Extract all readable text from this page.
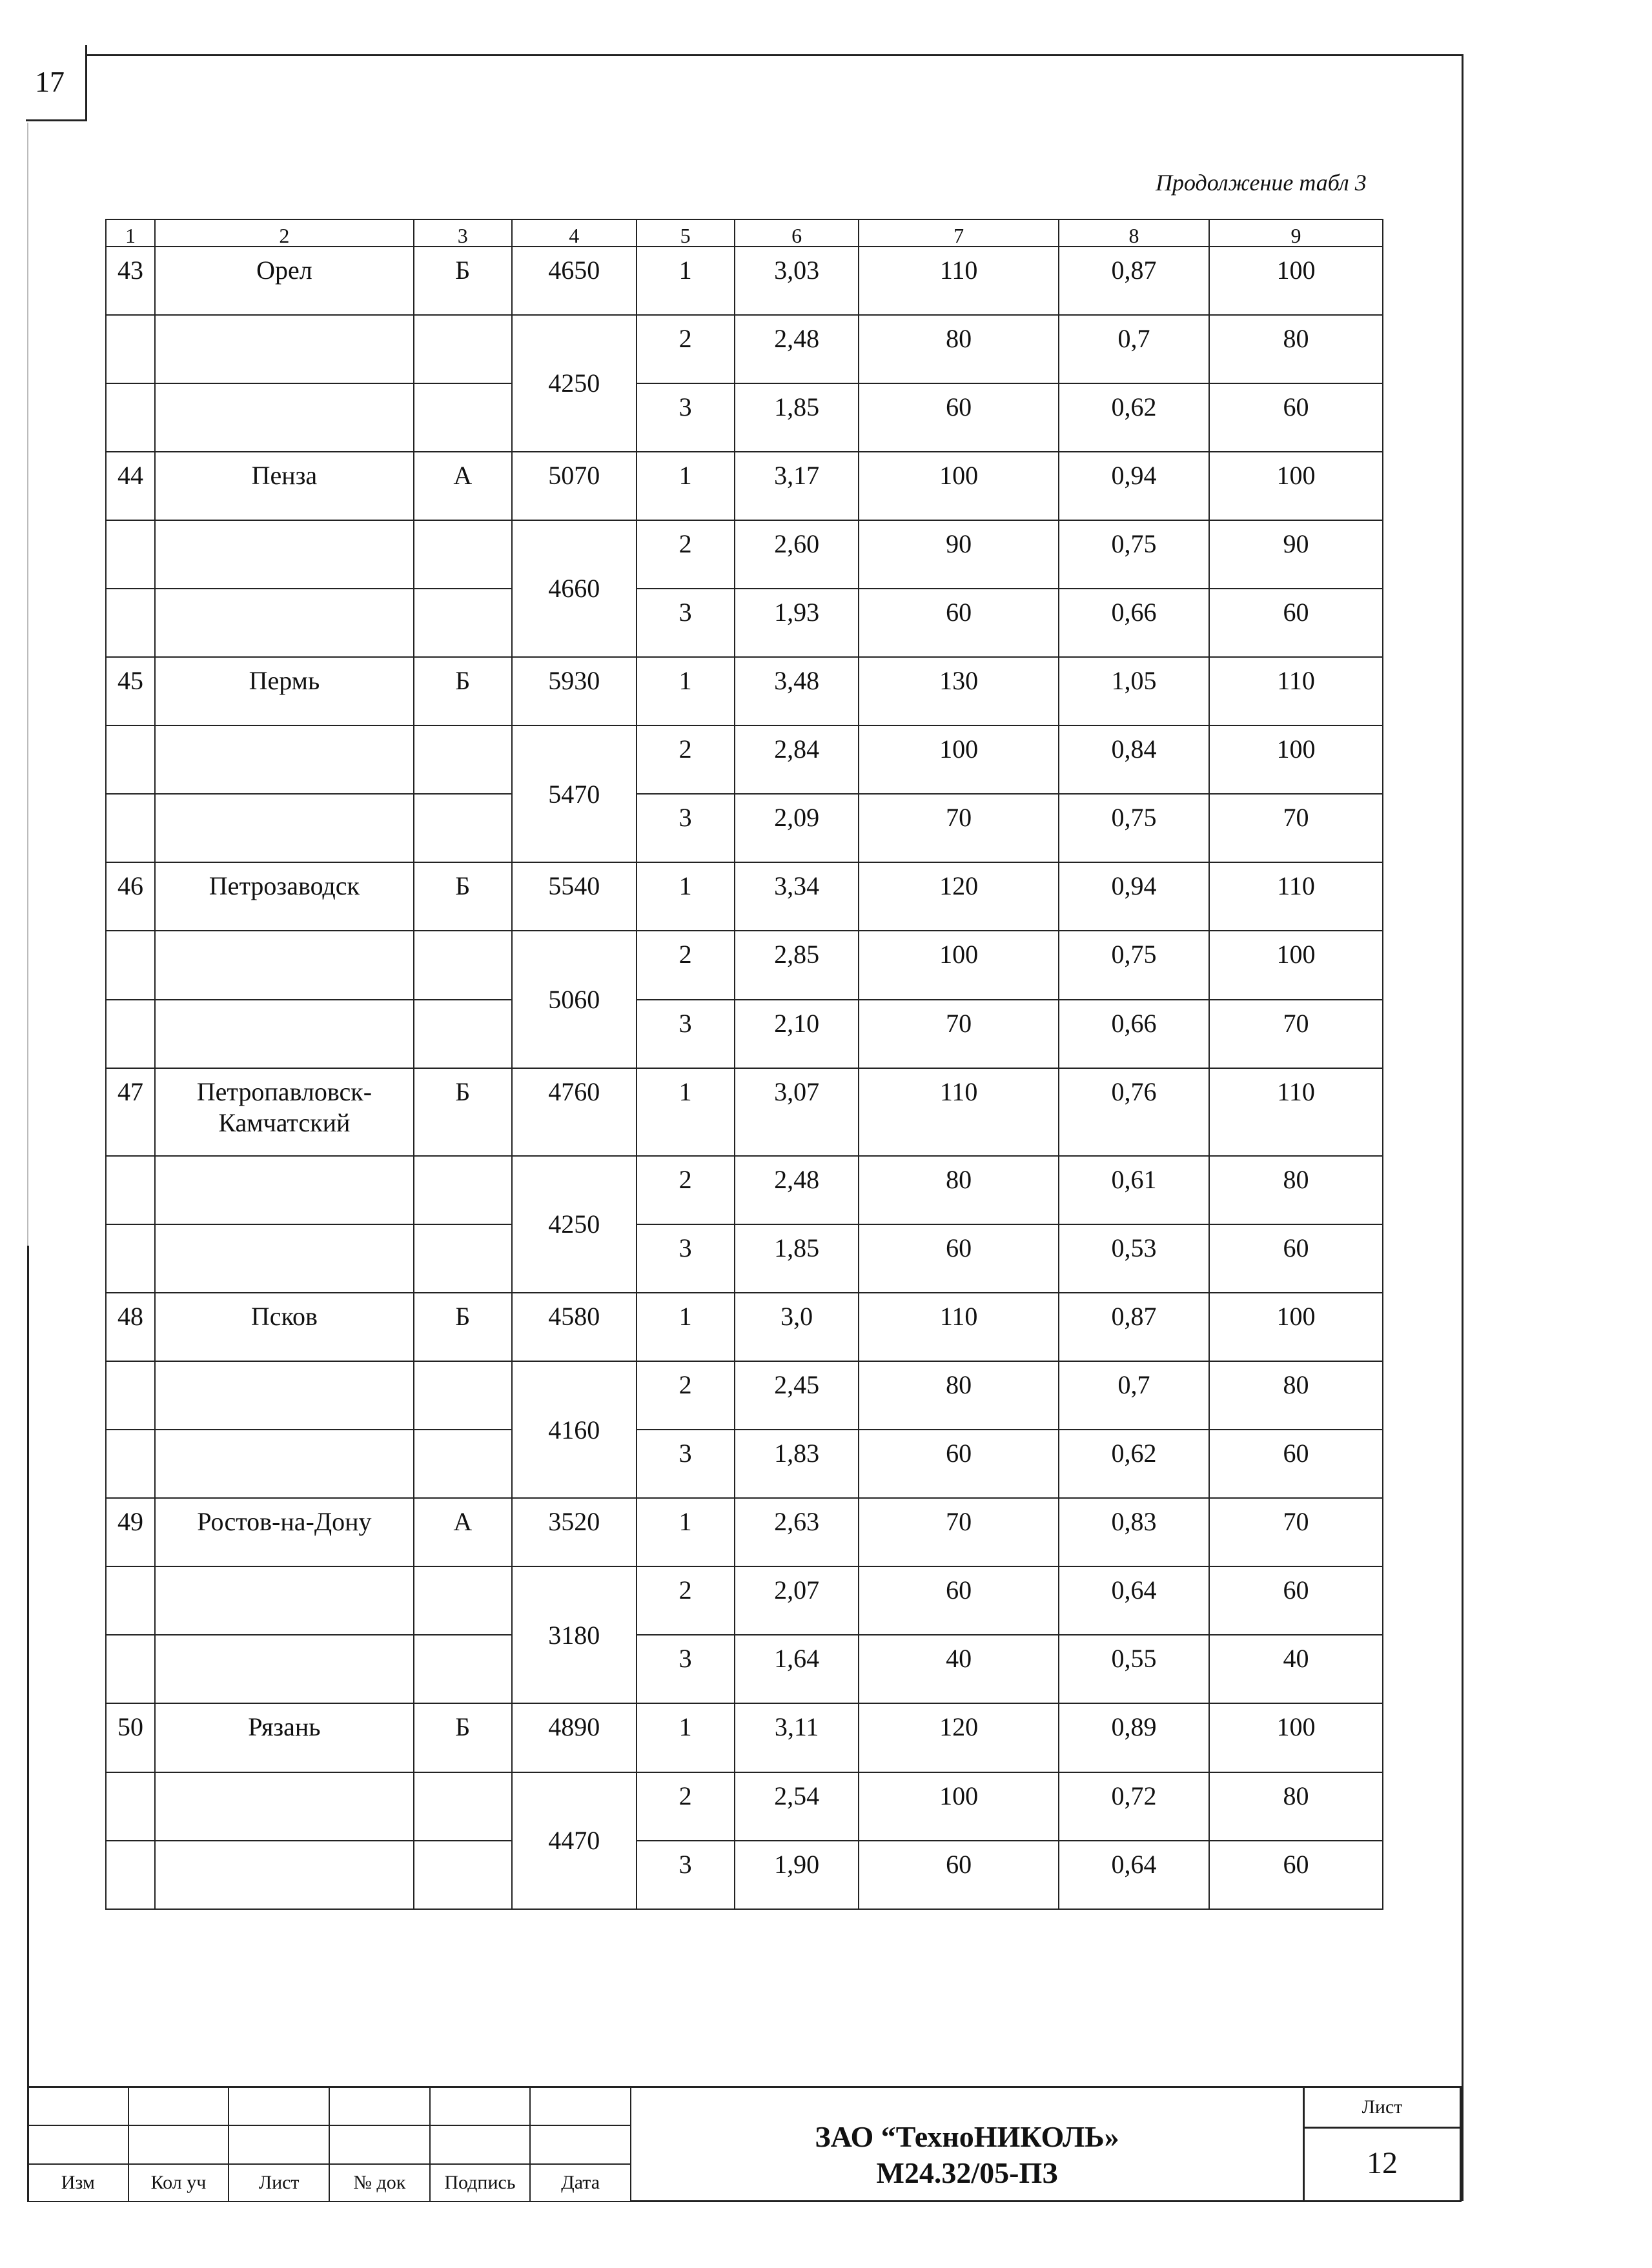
17
Продолжение табл 3
1	2	3	4	5	6	7	8	9
43	Орел	Б	4650	1	3,03	110	0,87	100
			4250	2	2,48	80	0,7	80
				3	1,85	60	0,62	60
44	Пенза	А	5070	1	3,17	100	0,94	100
			4660	2	2,60	90	0,75	90
				3	1,93	60	0,66	60
45	Пермь	Б	5930	1	3,48	130	1,05	110
			5470	2	2,84	100	0,84	100
				3	2,09	70	0,75	70
46	Петрозаводск	Б	5540	1	3,34	120	0,94	110
			5060	2	2,85	100	0,75	100
				3	2,10	70	0,66	70
47	Петропавловск-Камчатский	Б	4760	1	3,07	110	0,76	110
			4250	2	2,48	80	0,61	80
				3	1,85	60	0,53	60
48	Псков	Б	4580	1	3,0	110	0,87	100
			4160	2	2,45	80	0,7	80
				3	1,83	60	0,62	60
49	Ростов-на-Дону	А	3520	1	2,63	70	0,83	70
			3180	2	2,07	60	0,64	60
				3	1,64	40	0,55	40
50	Рязань	Б	4890	1	3,11	120	0,89	100
			4470	2	2,54	100	0,72	80
				3	1,90	60	0,64	60

Изм	Кол уч	Лист	№ док	Подпись	Дата
ЗАО “ТехноНИКОЛЬ»
М24.32/05-ПЗ
Лист
12
